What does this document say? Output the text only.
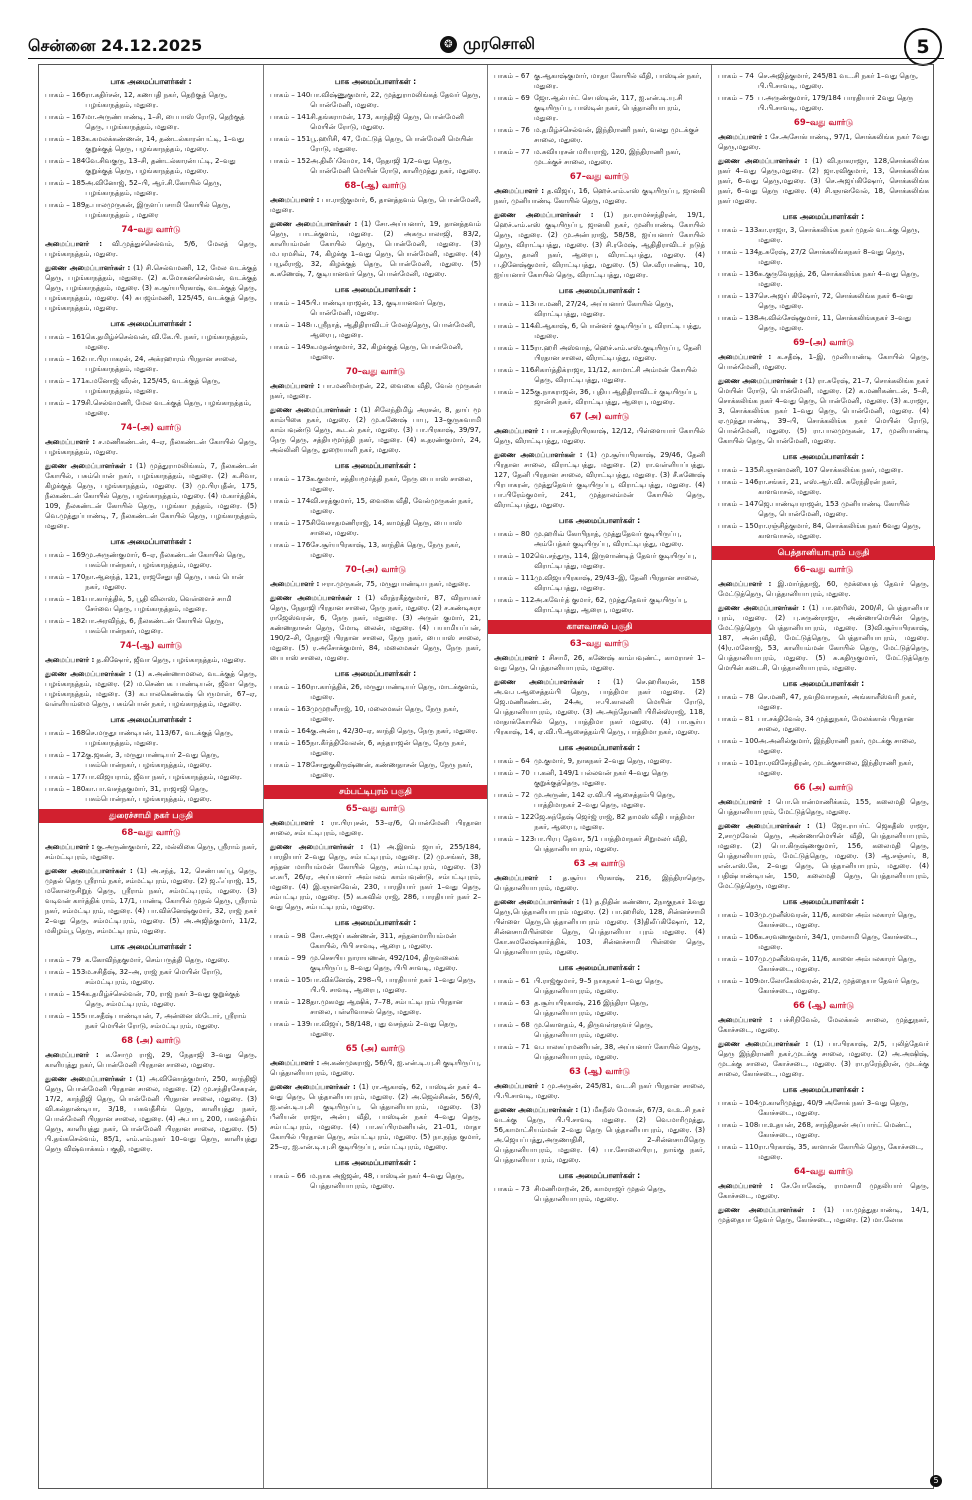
சென்னை 24.12.2025	❂ முரசொலி	5
பாக அமைப்பாளர்கள் :
பாகம் – 166 ரா.கதிர்சன், 12, கணபதி நகர், தெற்குத் தெரு, பழங்காநத்தம், மதுரை.
பாகம் – 167 மா.அருண்பாண்டி, 1–சி, பைபாஸ் ரோடு, தெற்குத் தெரு, பழங்காநத்தம், மதுரை.
பாகம் – 183 க.கமலக்கண்ணன், 14, தண்டல்காரன்பட்டி, 1–வது குறுக்குத் தெரு, பழங்காநத்தம், மதுரை.
பாகம் – 184 வே.சிவகுரு, 13–சி, தண்டல்காரன்பட்டி, 2–வது குறுக்குத் தெரு, பழங்காநத்தம், மதுரை.
பாகம் – 185 அ.வினோஜ், 52–பி, ஆர்.சி.கோயில் தெரு, பழங்காநத்தம், மதுரை.
பாகம் – 189 த.பாலமுருகன், இருளப்பசாமி கோயில் தெரு, பழங்காநத்தம் , மதுரை
74–வது வார்டு
அமைப்பாளர் : வி.முத்துச்செல்வம், 5/6, மேலத் தெரு, பழங்காநத்தம், மதுரை.
துணை அமைப்பாளர்கள் : (1) சி.செல்வமணி, 12, மேல வடக்குத் தெரு, பழங்காநத்தம், மதுரை. (2) க.மோகனசெல்வன், வடக்குத் தெரு, பழங்காநத்தம், மதுரை. (3) சு.சூர்யபிரகாஷ், வடக்குத் தெரு, பழங்காநத்தம், மதுரை. (4) சுபஜம்மணி, 125/45, வடக்குத் தெரு, பழங்காநத்தம், மதுரை.
பாக அமைப்பாளர்கள் :
பாகம் – 161 கெ.தமிழ்ச்செல்வன், வி.கே.பி. நகர், பழங்காநத்தம், மதுரை.
பாகம் – 162 பா.பிரபாகரன், 24, அக்ரஹாரம் பிரதான சாலை, பழங்காநத்தம், மதுரை.
பாகம் – 171 க.மனோஜ் வீரன், 125/45, வடக்குத் தெரு, பழங்காநத்தம், மதுரை.
பாகம் – 179 சி.செல்வமணி, மேல வடக்குத் தெரு, பழங்காநத்தம், மதுரை.
74–(அ) வார்டு
அமைப்பாளர் : ச.மணிகண்டன், 4–ஏ, நீலகண்டன் கோயில் தெரு, பழங்காநத்தம், மதுரை.
துணை அமைப்பாளர்கள் : (1) முத்துராமலிங்கம், 7, நீலகண்டன் கோயில், பசும்பொன் நகர், பழங்காநத்தம், மதுரை. (2) க.சிவா, கிழக்குத் தெரு, பழங்காநத்தம், மதுரை. (3) மு.பிரபுதீன், 175, நீலகண்டன் கோயில் தெரு, பழங்காநத்தம், மதுரை. (4) ம.கார்த்திக், 109, நீலகண்டன் கோயில் தெரு, பழங்கா நத்தம், மதுரை. (5) வெ.முத்துப்பாண்டி, 7, நீலகண்டன் கோயில் தெரு, பழங்காநத்தம், மதுரை.
பாக அமைப்பாளர்கள் :
பாகம் – 169 மு.அருண்குமார், 6–ஏ, நீலகண்டன் கோயில் தெரு, பசும்பொன்நகர், பழங்காநத்தம், மதுரை.
பாகம் – 170 நா.ஆனந்த், 121, ராஜசேதுபதி தெரு, பசும் பொன் நகர், மதுரை.
பாகம் – 181 பா.கார்த்திக், 5, பூதி விலாஸ், வெள்ளைச் சாமி சேர்வை தெரு, பழங்காநத்தம், மதுரை.
பாகம் – 182 பா.அரவிந்த், 6, நீலகண்டன் கோயில் தெரு, பசும்பொன்நகர், மதுரை.
74–(ஆ) வார்டு
அமைப்பாளர் : த.கிஷோர், ஜீவா தெரு, பழங்காநத்தம், மதுரை.
துணை அமைப்பாளர்கள் : (1) க.அண்ணாமலை, வடக்குத் தெரு, பழங்காநத்தம், மதுரை. (2) ம.செண்பக பாண்டியன், ஜீவா தெரு, பழங்காநத்தம், மதுரை. (3) க.பாலகெண்டீஷ் பெருமாள், 67–ஏ, வள்ளியம்மை தெரு, பசும்பொன் நகர், பழங்காநத்தம், மதுரை.
பாக அமைப்பாளர்கள் :
பாகம் – 168 செ.மருதுபாண்டியன், 113/67, வடக்குத் தெரு, பழங்காநத்தம், மதுரை.
பாகம் – 172 கு.ஜகன், 3, மருதுபாண்டியர் 2–வது தெரு, பசும்பொன்நகர், பழங்காநத்தம், மதுரை.
பாகம் – 177 பா.விஜயராம், ஜீவா நகர், பழங்காநத்தம், மதுரை.
பாகம் – 180 கா.பா.வசந்தகுமார், 31, ராஜாஜி தெரு, பசும்பொன்நகர், பழங்காநத்தம், மதுரை.
துரைச்சாமி நகர் பகுதி
68–வது வார்டு
அமைப்பாளர் : கு.அருண்குமார், 22, மல்லிகை தெரு, ஸ்ரீராம் நகர், சம்மட்டிபுரம், மதுரை.
துணை அமைப்பாளர்கள் : (1) அ.சந்த், 12, செண்பகப்பூ தெரு, முதல் தெரு ஸ்ரீராம் நகர், சம்மட்டிபுரம், மதுரை. (2) ஜ.ஃப்ராஜ், 15, மகோலருசிறுந் தெரு, ஸ்ரீராம் நகர், சம்மட்டிபுரம், மதுரை. (3) வடிவன் கார்த்திக் ராம், 17/1, பாண்டி கோயில் முதல் தெரு, ஸ்ரீராம் நகர், சம்மட்டிபுரம், மதுரை. (4) பா.விக்னேஷ்குமார், 32, ராஜ் நகர் 2–வது தெரு, சம்மட்டிபுரம், மதுரை. (5) அ.அஜித்குமார், 11/2, மகிழம்பூ தெரு, சம்மட்டிபுரம், மதுரை.
பாக அமைப்பாளர்கள் :
பாகம் – 79 க.கோவிந்தகுமார், செம்பருத்தி தெரு, மதுரை.
பாகம் – 153 ம.சசிதீஷ், 32–அ, ராஜ் நகர் மெயின் ரோடு, சம்மட்டிபுரம், மதுரை.
பாகம் – 154 க.தமிழ்ச்செல்வன், 70, ராஜ் நகர் 3–வது குறுக்குத் தெரு, சம்மட்டிபுரம், மதுரை.
பாகம் – 155 பா.சதீஷ் பாண்டியன், 7, அன்னை ஸ்டோர், ஸ்ரீராம் நகர் மெயின் ரோடு, சம்மட்டிபுரம், மதுரை.
68 (அ) வார்டு
அமைப்பாளர் : க.சோமு ராஜ், 29, நேதாஜி 3–வது தெரு, காளியுத்து நகர், பொன்மேனி பிரதான சாலை, மதுரை.
துணை அமைப்பாளர்கள் : (1) அ.வினோத்குமார், 250, காந்திஜி தெரு, பொன்மேனி பிரதான சாலை, மதுரை. (2) மு.சந்திரசேகரன், 17/2, காந்திஜி தெரு, பொன்மேனி பிரதான சாலை, மதுரை. (3) வி.கல்தாண்டியா, 3/18, பகவதீசிங் தெரு, காளியுத்து நகர், பொன்மேனி பிரதான சாலை, மதுரை. (4) அ.பாபு, 200, பகவத்சிங் தெரு, காளியுத்து நகர், பொன்மேனி பிரதான சாலை, மதுரை. (5) பி.தங்கசெல்வம், 85/1, எம்.எம்.நகர் 10–வது தெரு, காளியுத்து தெரு விஷ்வாக்கம் பகுதி, மதுரை.
பாக அமைப்பாளர்கள் :
பாகம் – 140 பா.விஷ்ணுகுமார், 22, முத்துராமலிங்கத் தேவர் தெரு, பொன்மேனி, மதுரை.
பாகம் – 141 சி.தங்கராமன், 173, காந்திஜி தெரு, பொன்மேனி மெயின் ரோடு, மதுரை.
பாகம் – 151 பூ.ஹரிசி, 47, மேட்டுத் தெரு, பொன்மேனி மெயின் ரோடு, மதுரை.
பாகம் – 152 அ.திலீப்வேமா, 14, நேதாஜி 1/2–வது தெரு, பொன்மேனி மெயின் ரோடு, காளிமுத்து நகர், மதுரை.
68–(ஆ) வார்டு
அமைப்பாளர் : பா.ராஜ்குமார், 6, தானத்தவம் தெரு, பொன்மேனி, மதுரை.
துணை அமைப்பாளர்கள் : (1) சோ.அய்யனார், 19, தானத்தவம் தெரு, பாடக்குளம், மதுரை. (2) அகரு.பாலாஜி, 83/2, காளியம்மன் கோயில் தெரு, பொன்மேனி, மதுரை. (3) ம.பரமசிவ், 74, கிழக்கு 1–வது தெரு, பொன்மேனி, மதுரை. (4) பயூலீராஜ், 32, கிழக்குத் தெரு, பொன்மேனி, மதுரை. (5) க.கணேஷ், 7, குடியானவர் தெரு, பொன்மேனி, மதுரை.
பாக அமைப்பாளர்கள் :
பாகம் – 145 பி.பாண்டியராஜன், 13, குடியானவர் தெரு, பொன்மேனி, மதுரை.
பாகம் – 148 ப.ஸ்ரீநாத், ஆதிதிராவிடர் மேலத்தெரு, பொன்மேனி, ஆரைபு, மதுரை.
பாகம் – 149 க.மதன்குமார், 32, கிழக்குத் தெரு, பொன்மேனி, மதுரை.
70–வது வார்டு
அமைப்பாளர் : பா.மணிமாறன், 22, வைகை வீதி, வேல் முருகன் நகர், மதுரை.
துணை அமைப்பாளர்கள் : (1) சிலேந்திமிழ் அரசன், 8, தாய் மூ காம்பிகை நகர், மதுரை. (2) மு.கணேஷ் பாபு, 13–குருசுவாமி காம்பவுண்டு தெரு, கூடல் நகர், மதுரை. (3) பா.பிரகாஷ், 39/97, நேரு தெரு, சத்தியமூர்த்தி நகர், மதுரை. (4) க.தரண்குமார், 24, அல்லினி தெரு, துறையாளி நகர், மதுரை.
பாக அமைப்பாளர்கள் :
பாகம் – 173 க.குமார், சத்தியமூர்த்தி நகர், நேரு பைபாஸ் சாலை, மதுரை.
பாகம் – 174 வி.சரத்குமார், 15, வைகை வீதி, வேல்முருகன் நகர், மதுரை.
பாகம் – 175 சிவேசாதமணிராஜ், 14, காமத்தி தெரு, பைபாஸ் சாலை, மதுரை.
பாகம் – 176 சே.சூர்யபிரகாஷ், 13, காந்திக் தெரு, நேரு நகர், மதுரை.
70–(அ) வார்டு
அமைப்பாளர் : ஈரா.முருகன், 75, மருதுபாண்டிய நகர், மதுரை.
துணை அமைப்பாளர்கள் : (1) வீரத்ரகீத்குமார், 87, விநாயகர் தெரு, நேதாஜி பிரதான சாலை, நேரு நகர், மதுரை. (2) ச.கண்டிசுரா ராஜேஸ்வரன், 6, நேரு நகர், மதுரை. (3) அருள் குமார், 21, கண்ணதாசன் தெரு, மோடி லைன், மதுரை. (4) பயாமியப்பன், 190/2–சி, நேதாஜி பிரதான சாலை, நேரு நகர், பைபாஸ் சாலை, மதுரை. (5) ர.அசோக்குமார், 84, மலைமகள் தெரு, நேரு நகர், பைபாஸ் சாலை, மதுரை.
பாக அமைப்பாளர்கள் :
பாகம் – 160 ரா.கார்த்திக், 26, மருதுபாண்டியர் தெரு, மாடக்குளம், மதுரை.
பாகம் – 163 முமுறளீராஜ், 10, மலைமகள் தெரு, நேரு நகர், மதுரை.
பாகம் – 164 கு.அன்பு, 42/30–ஏ, காந்தி தெரு, நேரு நகர், மதுரை.
பாகம் – 165 நா.கீர்த்திவேலன், 6, சுந்தராஜன் தெரு, நேரு நகர், மதுரை.
பாகம் – 178 சோதுகுகிருஷ்ணன், கண்ணதாசன் தெரு, நேரு நகர், மதுரை.
சம்பட்டிபுரம் பகுதி
65–வது வார்டு
அமைப்பாளர் : ரா.பிரபுசன், 53–ஏ/6, பொன்மேனி பிரதான சாலை, சம்பட்டிபுரம், மதுரை.
துணை அமைப்பாளர்கள் : (1) அ.இளம் ஜாபர், 255/184, பாரதியார் 2–வது தெரு, சம்பட்டிபுரம், மதுரை. (2) மு.சங்கர், 38, சந்தன மாரியம்மன் கோயில் தெரு, சம்பட்டிபுரம், மதுரை. (3) எ.சுபீ, 26/ஏ, அய்யனார் அம்பலம் காம்பவுண்டு, சம்பட்டிபுரம், மதுரை. (4) இ.ஞானவேல், 230, பாரதியார் நகர் 1–வது தெரு, சம்பட்டிபுரம், மதுரை. (5) க.சுவில் ராஜ், 286, பாரதியார் நகர் 2–வது தெரு, சம்பட்டிபுரம், மதுரை.
பாக அமைப்பாளர்கள் :
பாகம் – 98 சோ.அஜய் கண்ணன், 311, சந்தனமாரியம்மன் கோயில், பிபி சாவடி, ஆரைபு, மதுரை.
பாகம் – 99 மு.செசபிய நாராயணன், 492/104, திருவலைக் குடியிருப்பு, 8–வது தெரு, பிபி சாவடி, மதுரை.
பாகம் – 105 பா.விக்னேஷ், 298–பி, பாரதியார் நகர் 1–வது தெரு, பி.பி. சாவடி, ஆரைபு, மதுரை.
பாகம் – 128 தா.முகமது ஆஷிக், 7–78, சம்பட்டிபுரம் பிரதான சாலை, பள்ளிவாசல் தெரு, மதுரை.
பாகம் – 139 பா.விஜய், 58/148, புது வசந்தம் 2–வது தெரு, மதுரை.
65 (அ) வார்டு
அமைப்பாளர் : அ.கண்முகராஜ், 56/பி, ஐ.என்.டி.யு.சி குடியிருப்பு, பெத்தானியாபுரம், மதுரை.
துணை அமைப்பாளர்கள் : (1) ரா.ஆகாஷ், 62, பாஸ்டின் நகர் 4–வது தெரு, பெத்தானியாபுரம், மதுரை. (2) அ.ஜெல்சிகன், 56/பி, ஐ.என்.டி.யு.சி குடியிருப்பு, பெத்தானியாபுரம், மதுரை. (3) பீனியன் ராஜா, அன்பு வீதி, பாஸ்டின் நகர் 4–வது தெரு, சம்பட்டிபுரம், மதுரை. (4) பா.சுப்பிரமணியன், 21–01, மாதா கோயில் பிரதான தெரு, சம்பட்டிபுரம், மதுரை. (5) நா.நந்த குமார், 25–ஏ, ஐ.என்.டி.யு.சி குடியிருப்பு, சம்பட்டிபுரம், மதுரை.
பாக அமைப்பாளர்கள் :
பாகம் – 66 ம.நாக அஜ்ஜன், 48, பாஸ்டின் நகர் 4–வது தெரு, பெத்தானியாபுரம், மதுரை.
பாகம் – 67 கு.ஆகாஷ்குமார், மாதா கோயில் வீதி, பாஸ்டின் நகர், மதுரை.
பாகம் – 69 ஜோ.ஆல்பர்ட் செபஸ்டின், 117, ஐ.என்.டி.யு.சி குடியிருப்பு, பாஸ்டின் நகர், பெத்தானியாபுரம், மதுரை.
பாகம் – 76 ம.தமிழ்ச்செல்வன், இந்திராணி நகர், வலது முடக்குச் சாலை, மதுரை.
பாகம் – 77 ம.சுவியரசன் மரியராஜ், 120, இந்திராணி நகர், முடக்குச் சாலை, மதுரை.
67–வது வார்டு
அமைப்பாளர் : த.விஜய், 16, ஹெச்.எம்.எஸ் குடியிருப்பு, ஜானகி நகர், முனியாண்டி கோயில் தெரு, மதுரை.
துணை அமைப்பாளர்கள் : (1) நா.ராமச்சந்திரன், 19/1, ஹெச்.எம்.எஸ் குடியிருப்பு, ஜானகி நகர், முனியாண்டி கோயில் தெரு, மதுரை. (2) மு.அன்புராஜ், 58/58, ஐய்யனார் கோயில் தெரு, விராட்டிபத்து, மதுரை. (3) சி.ரமேஷ், ஆதிதிராவிடர் நடுத் தெரு, தானி நகர், ஆரைபு, விராட்டிபத்து, மதுரை. (4) ப.தினேஷ்குமார், விராட்டிபத்து, மதுரை. (5) செ.வீரபாண்டி, 10, ஐய்யனார் கோயில் தெரு, விராட்டிபத்து, மதுரை.
பாக அமைப்பாளர்கள் :
பாகம் – 113 பா.மணி, 27/24, அய்யனார் கோயில் தெரு, விராட்டிபத்து, மதுரை.
பாகம் – 114 கி.ஆகாஷ், 6, பொன்னர் குடியிருப்பு, விராட்டி பத்து, மதுரை.
பாகம் – 115 ரா.ஹரி அஸ்வாத், ஹெச்.எம்.எஸ்.குடியிருப்பு, தேனி பிரதான சாலை, விராட்டிபத்து, மதுரை.
பாகம் – 116 சிகார்த்திக்ராஜா, 11/12, காமாட்சி அம்மன் கோயில் தெரு, விராட்டிபத்து, மதுரை.
பாகம் – 125 கு.நாகராஜன், 36, புதிய ஆதிதிராவிடர் குடியிருப்பு, ஜான்சி நகர், விராட்டிபத்து, ஆரைபு, மதுரை.
67 (அ) வார்டு
அமைப்பாளர் : பா.சுசந்திரபிரகாஷ், 12/12, பிள்ளையார் கோயில் தெரு, விராட்டிபத்து, மதுரை.
துணை அமைப்பாளர்கள் : (1) மு.சூர்யபிரகாஷ், 29/46, தேனி பிரதான சாலை, விராட்டிபத்து, மதுரை. (2) ரா.வள்ளியப்பத்து, 127, தேனி பிரதான சாலை, விராட்டிபத்து, மதுரை. (3) சீ.கணேஷ் பிரபாகரன், முத்துதேவர் குடியிருப்பு, விராட்டிபத்து, மதுரை. (4) பா.பிரேம்குமார், 241, முத்தாலம்மன் கோயில் தெரு, விராட்டிபத்து, மதுரை.
பாக அமைப்பாளர்கள் :
பாகம் – 80 மு.ஹரிவ் கோபிநாத், முத்துதேவர் குடியிருப்பு, அம்பேத்கர் குடியிருப்பு, விராட்டிபத்து, மதுரை.
பாகம் – 102 வெ.சந்துரு, 114, இருளாண்டித் தேவர் குடியிருப்பு, விராட்டிபத்து, மதுரை.
பாகம் – 111 மு.விஜயபிரகாஷ், 29/43–இ, தேனி பிரதான சாலை, விராட்டிபத்து, மதுரை.
பாகம் – 112 அ.கவோ்த் குமார், 62, முத்துதேவர் குடியிருப்பு, விராட்டிபத்து, ஆரைபு, மதுரை.
காளவாசல் பகுதி
63–வது வார்டு
அமைப்பாளர் : சிசாமீ, 26, கணேஷ் காம்பவுண்ட், காமராசர் 1–வது தெரு, பெத்தானியாபுரம், மதுரை.
துணை அமைப்பாளர்கள் : (1) செ.ஹரிகரன், 158 அ.வ.ப.ஆசைத்தம்பி தெரு, பாத்திமா நகர் மதுரை. (2) ஜெ.மணிகண்டன், 24அ, ஈ.பி.காலனி மெயின் ரோடு, பெத்தானியாபுரம், மதுரை. (3) அ.அந்தோணி பிரின்ஸ்ராஜ், 118, மாதாக்கோயில் தெரு, பாத்திமா நகர் மதுரை. (4) பா.சூர்ய பிரகாஷ், 14, ஏ.வி.பி.ஆசைத்தம்பி தெரு, பாத்திமா நகர், மதுரை.
பாக அமைப்பாளர்கள் :
பாகம் – 64 மு.குமார், 9, நாகநகர் 2–வது தெரு, மதுரை.
பாகம் – 70 ப.கனி, 149/1 பல்லவன் நகர் 4–வது தெரு குறுக்குத்தெரு, மதுரை.
பாகம் – 72 மு.அருண், 142 ஏ.வி.பி ஆசைத்தம்பி தெரு, பாத்திமாநகர் 2–வது தெரு, மதுரை.
பாகம் – 122 ஜே.சுந்தேஷ் ஜெர்ஜ் ராஜ், 82 தாமஸ் வீதி பாத்திமா நகர், ஆரைபு, மதுரை.
பாகம் – 123 பா.பிரபு தேவா, 5/1 பாத்திமாநகர் சிறுமலர் வீதி, பெத்தானியாபுரம், மதுரை.
63 அ வார்டு
அமைப்பாளர் : த.சூர்ய பிரகாஷ், 216, இந்திராதெரு, பெத்தானியாபுரம், மதுரை.
துணை அமைப்பாளர்கள் : (1) த.நிதின் கண்ணா, 2நாகுநகர் 1வது தெரு,பெத்தானியாபுரம் மதுரை. (2) பா.ஹரிஸ், 128, சின்னச்சாமி பிள்ளை தெரு,பெத்தானியாபுரம் மதுரை. (3)திலீப்கிஷோர், 12, சின்னசாமிபிள்ளை தெரு, பெத்தானியா புரம் மதுரை. (4) கோ.சுமலேஷ்கார்த்திக், 103, சின்னச்சாமி பிள்ளை தெரு, பெத்தானியாபுரம், மதுரை.
பாக அமைப்பாளர்கள் :
பாகம் – 61 பி.ராஜ்குமார், 9–5 நாகநகர் 1–வது தெரு, பெத்தானியாபுரம், மதுரை.
பாகம் – 63 த.சூர்யபிரகாஷ், 216 இந்திரா தெரு, பெத்தானியாபுரம், மதுரை.
பாகம் – 68 மு.கொளதம், 4, திருவள்ளுவர் தெரு, பெத்தானியாபுரம், மதுரை.
பாகம் – 71 வ.பாலசுப்ரமணியன், 38, அய்யனார் கோயில் தெரு, பெத்தானியாபுரம், மதுரை.
63 (ஆ) வார்டு
அமைப்பாளர் : மு.அருண், 245/81, வட.சி நகர் பிரதான சாலை, பி.பி.சாவடி, மதுரை.
துணை அமைப்பாளர்கள் : (1) மீகநீஸ் மோகன், 67/3, வ.உ.சி நகர் வடக்கு தெரு, பி.பி.சாவடி மதுரை. (2) வெ.மாரிமுத்து, 56,காமாட்சியம்மன் 2–வது தெரு பெத்தானியாபுரம், மதுரை. (3) அ.ஜெயப்பத்து,அருணாதிசி, 2–சின்னசாமிதெரு பெத்தானியாபுரம், மதுரை. (4) பா.சோலைபிரபு, நாங்கு நகர், பெத்தானியா புரம், மதுரை.
பாக அமைப்பாளர்கள் :
பாகம் – 73 சிமணிமாறன், 26, காமராஜர் முதல் தெரு, பெத்தானியாபுரம், மதுரை.
பாகம் – 74 செ.அஜித்குமார், 245/81 வட.சி நகர் 1–வது தெரு, பி.பி.சாவடி, மதுரை.
பாகம் – 75 ப.அருண்குமார், 179/184 பாரதியார் 2வது தெரு பி.பி.சாவடி, மதுரை.
69–வது வார்டு
அமைப்பாளர் : சே.அசோக்பாண்டி, 97/1, சொக்கலிங்க நகர் 7வது தெரு,மதுரை.
துணை அமைப்பாளர்கள் : (1) வி.நாகராஜா, 128,சொக்கலிங்க நகர் 4–வது தெரு,மதுரை. (2) ஜா.ரவிகுமார், 13, சொக்கலிங்க நகர், 6–வது தெரு,மதுரை. (3) செ.அஜய்கிஷோர், சொக்கலிங்க நகர், 6–வது தெரு மதுரை. (4) சி.ஞானவேல், 18, சொக்கலிங்க நகர் மதுரை.
பாக அமைப்பாளர்கள் :
பாகம் – 133 கா.ராஜா, 3, சொக்கலிங்க நகர் முதல் வடக்கு தெரு, மதுரை.
பாகம் – 134 த.சுரேஷ், 27/2 சொக்கலிங்கநகர் 8–வது தெரு, மதுரை.
பாகம் – 136 சு.குருவேதந்த், 26, சொக்கலிங்க நகர் 4–வது தெரு, மதுரை.
பாகம் – 137 செ.அஜய் கிஷோர், 72, சொக்கலிங்க நகர் 6–வது தெரு, மதுரை.
பாகம் – 138 அ.வில்சேஷ்குமார், 11, சொக்கலிங்கநகர் 3–வது தெரு, மதுரை.
69–(அ) வார்டு
அமைப்பாளர் : க.சதீஷ், 1–இ, முனியாண்டி கோயில் தெரு, பொன்மேனி, மதுரை.
துணை அமைப்பாளர்கள் : (1) ரா.சுரேஷ், 21–7, சொக்கலிங்க நகர் மெயின் ரோடு, பொன்மேனி, மதுரை. (2) க.மணிகண்டன், 5–சி, சொக்கலிங்க நகர் 4–வது தெரு, பொன்மேனி, மதுரை. (3) க.ராஜா, 3, சொக்கலிங்க நகர் 1–வது தெரு, பொன்மேனி, மதுரை. (4) ஏ.முத்துபாண்டி, 39–பி, சொக்கலிங்க நகர் மெயின் ரோடு, பொன்மேனி, மதுரை. (5) ரா.பாலமுருகன், 17, முனியாண்டி கோயில் தெரு, பொன்மேனி, மதுரை.
பாக அமைப்பாளர்கள் :
பாகம் – 135 சி.ஞானமணி, 107 சொக்கலிங்க நகர், மதுரை.
பாகம் – 146 ரா.சங்கர், 21, எஸ்.ஆர்.வி. சுரேந்திரன் நகர், காளவாசல், மதுரை.
பாகம் – 147 ஜெ.பாண்டியராஜன், 153 முனியாண்டி கோயில் தெரு, பொன்மேனி, மதுரை.
பாகம் – 150 ரா.ரஞ்சித்குமார், 84, சொக்கலிங்க நகர் 6வது தெரு, காளவாசல், மதுரை.
பெத்தானியாபுரம் பகுதி
66–வது வார்டு
அமைப்பாளர் : இ.மார்த்தாஜ், 60, மூக்கையத் தேவர் தெரு, மேட்டுத்தெரு, பெத்தானியாபுரம், மதுரை.
துணை அமைப்பாளர்கள் : (1) பா.ஹரிஸ், 200/சி, பெத்தானியா புரம், மதுரை. (2) பு.சுருண்ராஜா, அண்ணாமெயின் தெரு, மேட்டுத்தெரு பெத்தானியாபுரம், மதுரை. (3)வி.சூர்யபிரகாஷ், 187, அன்புவீதி, மேட்டுத்தெரு, பெத்தானியாபுரம், மதுரை. (4)ர.மனோஜ், 53, காளியம்மன் கோயில் தெரு, மேட்டுத்தெரு, பெத்தானியாபுரம், மதுரை. (5) சு.கதிருகுமார், மேட்டுத்தெரு மெயின் கடைசி, பெத்தானியாபுரம், மதுரை.
பாக அமைப்பாளர்கள் :
பாகம் – 78 செ.மணி, 47, நவநிவாசநகர், அங்காளீஸ்வரி நகர், மதுரை.
பாகம் – 81 பா.சக்திவேல், 34 முத்துநகர், மேலக்கால் பிரதான சாலை, மதுரை.
பாகம் – 100 அ.அனில்குமார், இந்திராணி நகர், முடக்கு சாலை, மதுரை.
பாகம் – 101 ரா.ரவிசேந்திரன், முடக்குசாலை, இந்திராணி நகர், மதுரை.
66 (அ) வார்டு
அமைப்பாளர் : பொ.பொன்மாணிக்கம், 155, கலைமதி தெரு, பெத்தானியாபுரம், மேட்டுத்தெரு, மதுரை.
துணை அமைப்பாளர்கள் : (1) ஜோ.ராபர்ட் ஜெகதீஸ் ராஜா, 2,சாமுவேல் தெரு, அண்ணாமெயின் வீதி, பெத்தானியாபுரம், மதுரை. (2) பொ.கிருஷ்ணகுமார், 156, கலைமதி தெரு, பெத்தானியாபுரம், மேட்டுத்தெரு, மதுரை. (3) ஆ.சஞ்சய், 8, என்.எஸ்.கே, 2–வது தெரு, பெத்தானியாபுரம், மதுரை. (4) பதிஷ்பாண்டியன், 150, கலைமதி தெரு, பெத்தானியாபுரம், மேட்டுத்தெரு, மதுரை.
பாக அமைப்பாளர்கள் :
பாகம் – 103 மு.முனீஸ்வரன், 11/6, காளை அம்பலகாரர் தெரு, கோச்சடை, மதுரை.
பாகம் – 106 க.சரவணகுமார், 34/1, ராமசாமி தெரு, கோச்சடை, மதுரை.
பாகம் – 107 மு.முனீஸ்வரன், 11/6, காளை அம்பலகாரர் தெரு, கோச்சடை, மதுரை.
பாகம் – 109 மா.லோகேஸ்வரன், 21/2, முத்தையா தேவர் தெரு, கோச்சடை, மதுரை.
66 (ஆ) வார்டு
அமைப்பாளர் : பச்சிநிவேல், மேலக்கல் சாலை, முத்துநகர், கோச்சடை, மதுரை.
துணை அமைப்பாளர்கள் : (1) பா.பிரகாஷ், 2/5, புலித்தேவர் தெரு இந்திராணி நகர்,முடக்கு சாலை, மதுரை. (2) அ.அஷிஷ், முடக்கு சாலை, கோச்சடை, மதுரை. (3) ரா.நரேந்திரன், முடக்கு சாலை, கோச்சடை, மதுரை.
பாக அமைப்பாளர்கள் :
பாகம் – 104 மு.காளிமுத்து, 40/9 அசோக் நகர் 3–வது தெரு, கோச்சடை, மதுரை.
பாகம் – 108 பா.உதயன், 268, சாந்திதசன் அப்பார்ட் மெண்ட், கோச்சடை, மதுரை.
பாகம் – 110 ரா.பிரகாஷ், 35, காளான் கோயில் தெரு, கோச்சடை, மதுரை.
64–வது வார்டு
அமைப்பாளர் : சே.யோகேஷ், ராமசாமி முதலியார் தெரு, கோச்சடை, மதுரை.
துணை அமைப்பாளர்கள் : (1) பா.முத்துதபாண்டி, 14/1, முத்தையா தேவர் தெரு, கோச்சடை, மதுரை. (2) மா.லோக
5
